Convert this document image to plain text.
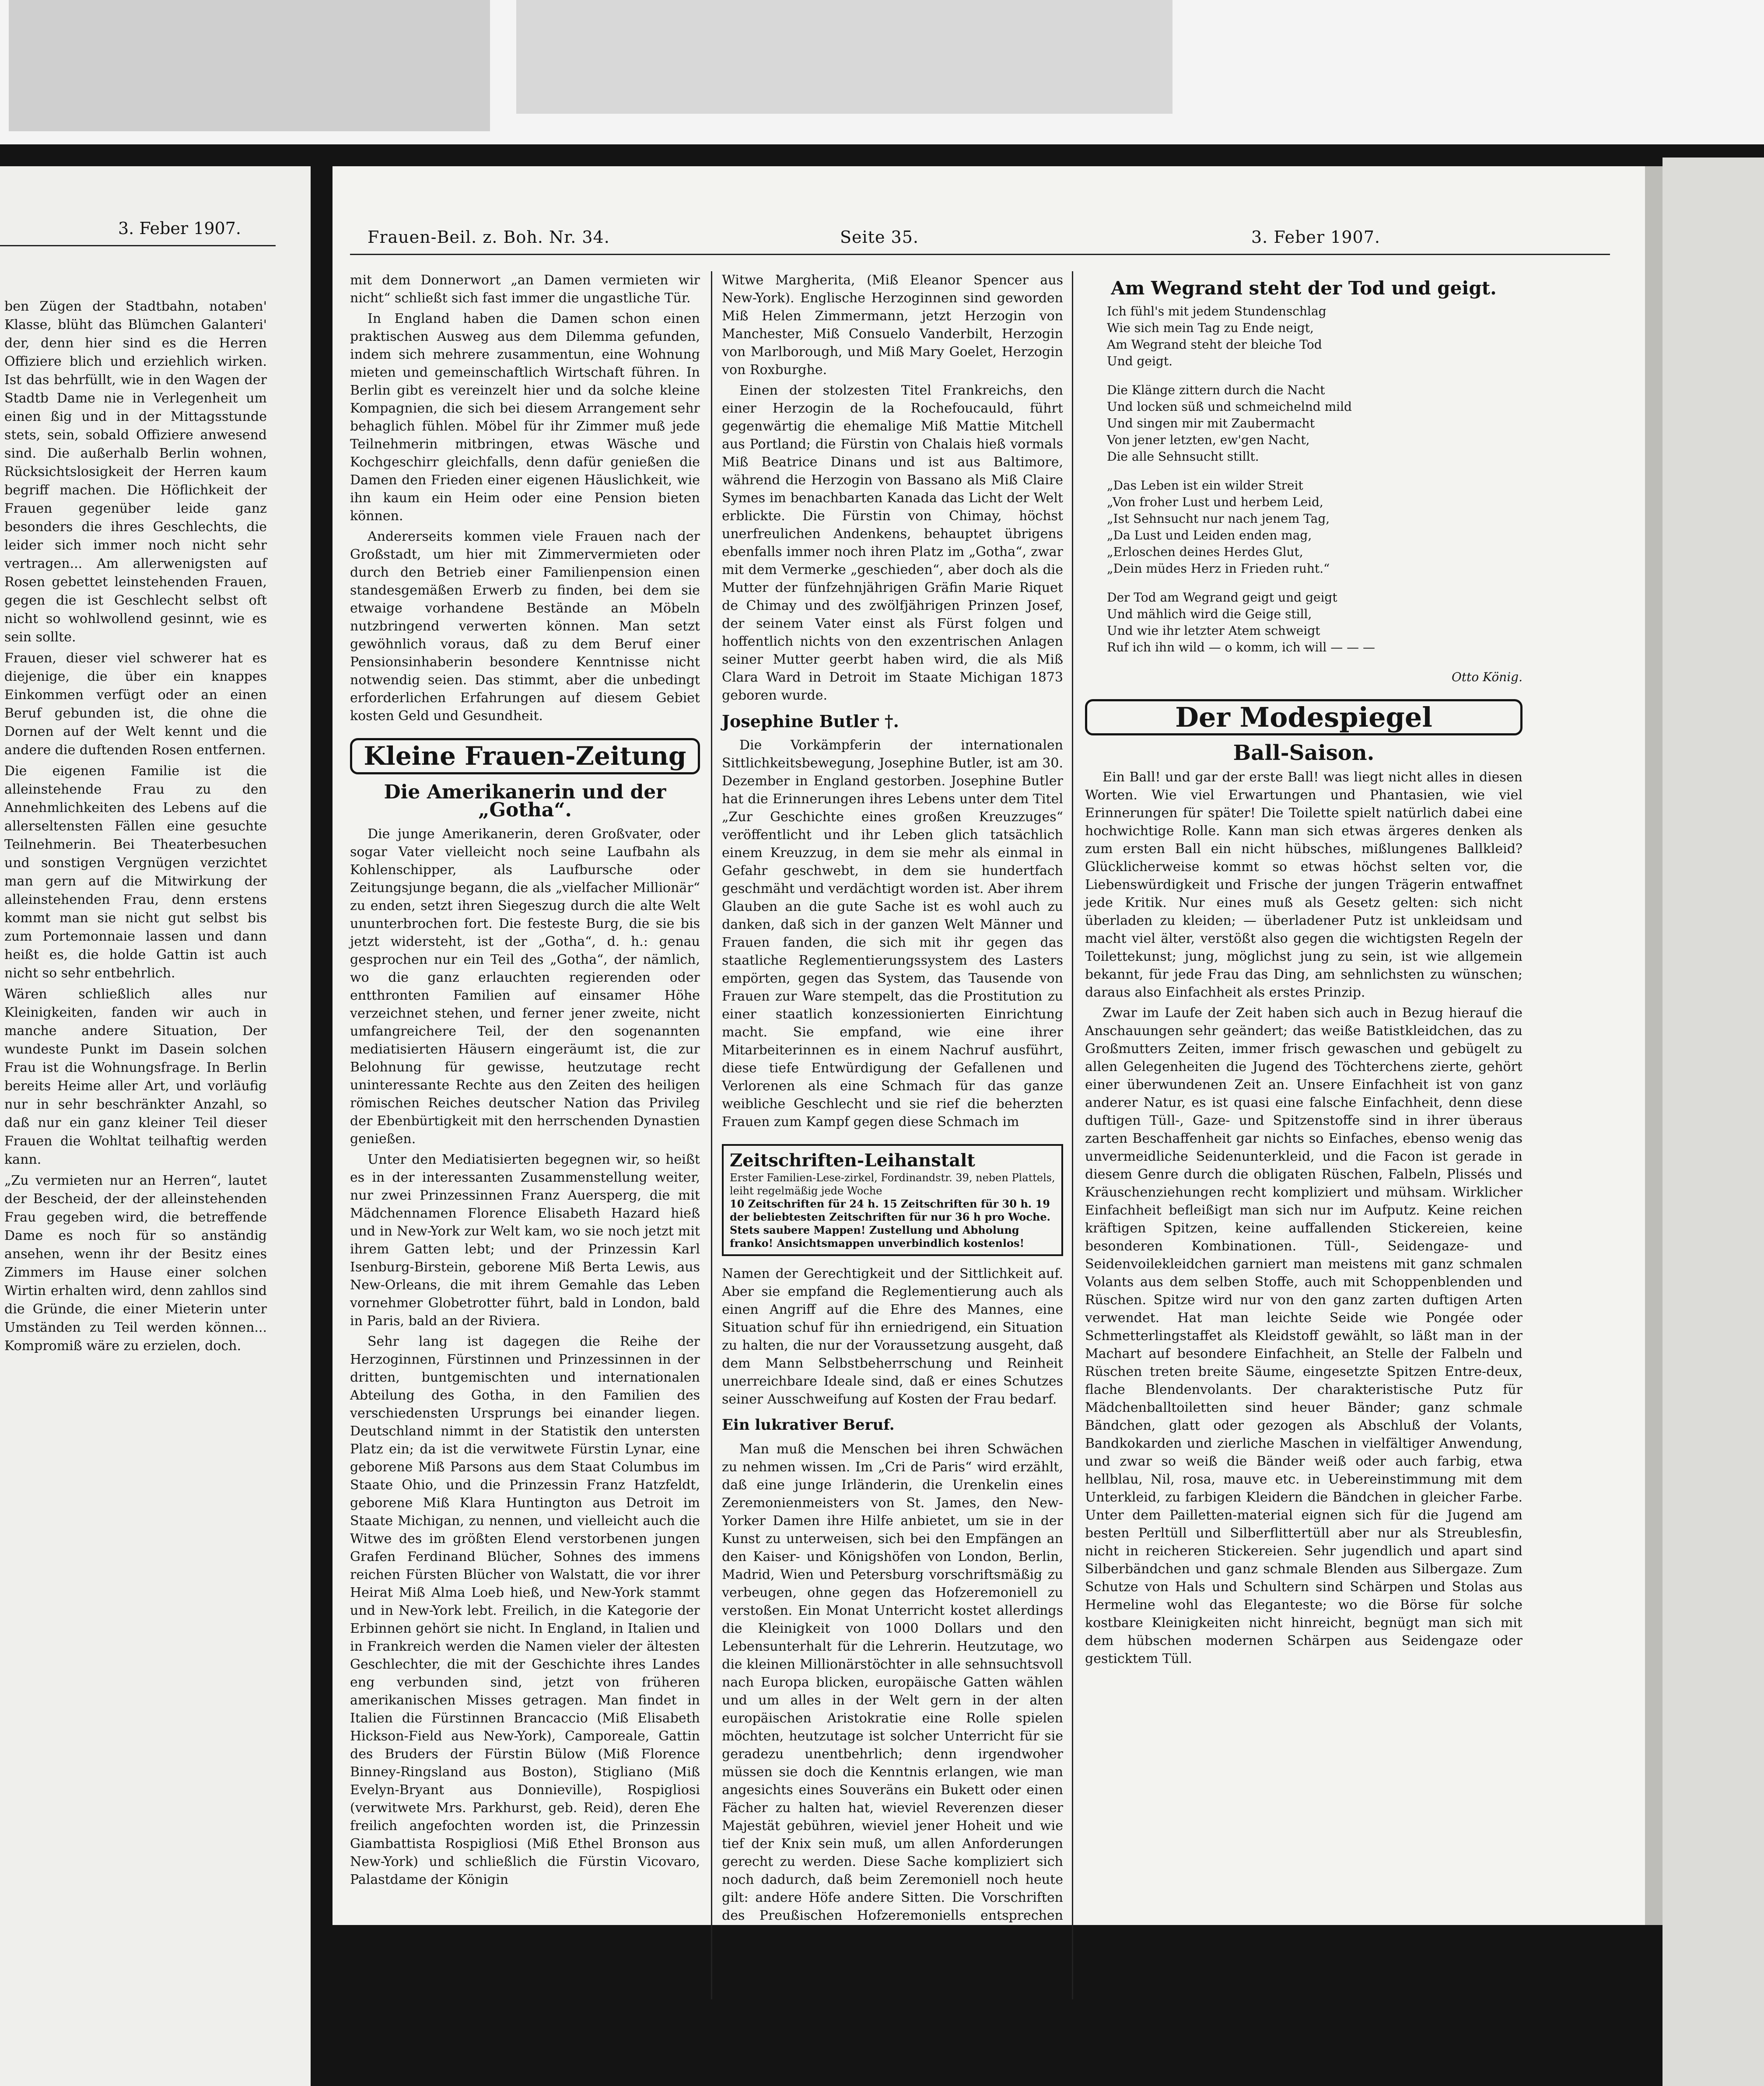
3. Feber 1907.

ben Zügen der Stadtbahn, notaben' Klasse, blüht das Blümchen Galanteri' der, denn hier sind es die Herren Offiziere blich und erziehlich wirken. Ist das behrfüllt, wie in den Wagen der Stadtb Dame nie in Verlegenheit um einen ßig und in der Mittagsstunde stets, sein, sobald Offiziere anwesend sind. Die außerhalb Berlin wohnen, Rücksichtslosigkeit der Herren kaum begriff machen. Die Höflichkeit der Frauen gegenüber leide ganz besonders die ihres Geschlechts, die leider sich immer noch nicht sehr vertragen... Am allerwenigsten auf Rosen gebettet leinstehenden Frauen, gegen die ist Geschlecht selbst oft nicht so wohlwollend gesinnt, wie es sein sollte.

Frauen, dieser viel schwerer hat es diejenige, die über ein knappes Einkommen verfügt oder an einen Beruf gebunden ist, die ohne die Dornen auf der Welt kennt und die andere die duftenden Rosen entfernen.

Die eigenen Familie ist die alleinstehende Frau zu den Annehmlichkeiten des Lebens auf die allerseltensten Fällen eine gesuchte Teilnehmerin. Bei Theaterbesuchen und sonstigen Vergnügen verzichtet man gern auf die Mitwirkung der alleinstehenden Frau, denn erstens kommt man sie nicht gut selbst bis zum Portemonnaie lassen und dann heißt es, die holde Gattin ist auch nicht so sehr entbehrlich.

Wären schließlich alles nur Kleinigkeiten, fanden wir auch in manche andere Situation, Der wundeste Punkt im Dasein solchen Frau ist die Wohnungsfrage. In Berlin bereits Heime aller Art, und vorläufig nur in sehr beschränkter Anzahl, so daß nur ein ganz kleiner Teil dieser Frauen die Wohltat teilhaftig werden kann.

„Zu vermieten nur an Herren“, lautet der Bescheid, der der alleinstehenden Frau gegeben wird, die betreffende Dame es noch für so anständig ansehen, wenn ihr der Besitz eines Zimmers im Hause einer solchen Wirtin erhalten wird, denn zahllos sind die Gründe, die einer Mieterin unter Umständen zu Teil werden können... Kompromiß wäre zu erzielen, doch.

Frauen-Beil. z. Boh. Nr. 34.	Seite 35.	3. Feber 1907.

mit dem Donnerwort „an Damen vermieten wir nicht“ schließt sich fast immer die ungastliche Tür.

In England haben die Damen schon einen praktischen Ausweg aus dem Dilemma gefunden, indem sich mehrere zusammentun, eine Wohnung mieten und gemeinschaftlich Wirtschaft führen. In Berlin gibt es vereinzelt hier und da solche kleine Kompagnien, die sich bei diesem Arrangement sehr behaglich fühlen. Möbel für ihr Zimmer muß jede Teilnehmerin mitbringen, etwas Wäsche und Kochgeschirr gleichfalls, denn dafür genießen die Damen den Frieden einer eigenen Häuslichkeit, wie ihn kaum ein Heim oder eine Pension bieten können.

Andererseits kommen viele Frauen nach der Großstadt, um hier mit Zimmervermieten oder durch den Betrieb einer Familienpension einen standesgemäßen Erwerb zu finden, bei dem sie etwaige vorhandene Bestände an Möbeln nutzbringend verwerten können. Man setzt gewöhnlich voraus, daß zu dem Beruf einer Pensionsinhaberin besondere Kenntnisse nicht notwendig seien. Das stimmt, aber die unbedingt erforderlichen Erfahrungen auf diesem Gebiet kosten Geld und Gesundheit.

Kleine Frauen-Zeitung
Die Amerikanerin und der „Gotha“.

Die junge Amerikanerin, deren Großvater, oder sogar Vater vielleicht noch seine Laufbahn als Kohlenschipper, als Laufbursche oder Zeitungsjunge begann, die als „vielfacher Millionär“ zu enden, setzt ihren Siegeszug durch die alte Welt ununterbrochen fort. Die festeste Burg, die sie bis jetzt widersteht, ist der „Gotha“, d. h.: genau gesprochen nur ein Teil des „Gotha“, der nämlich, wo die ganz erlauchten regierenden oder entthronten Familien auf einsamer Höhe verzeichnet stehen, und ferner jener zweite, nicht umfangreichere Teil, der den sogenannten mediatisierten Häusern eingeräumt ist, die zur Belohnung für gewisse, heutzutage recht uninteressante Rechte aus den Zeiten des heiligen römischen Reiches deutscher Nation das Privileg der Ebenbürtigkeit mit den herrschenden Dynastien genießen.

Unter den Mediatisierten begegnen wir, so heißt es in der interessanten Zusammenstellung weiter, nur zwei Prinzessinnen Franz Auersperg, die mit Mädchennamen Florence Elisabeth Hazard hieß und in New-York zur Welt kam, wo sie noch jetzt mit ihrem Gatten lebt; und der Prinzessin Karl Isenburg-Birstein, geborene Miß Berta Lewis, aus New-Orleans, die mit ihrem Gemahle das Leben vornehmer Globetrotter führt, bald in London, bald in Paris, bald an der Riviera.

Sehr lang ist dagegen die Reihe der Herzoginnen, Fürstinnen und Prinzessinnen in der dritten, buntgemischten und internationalen Abteilung des Gotha, in den Familien des verschiedensten Ursprungs bei einander liegen. Deutschland nimmt in der Statistik den untersten Platz ein; da ist die verwitwete Fürstin Lynar, eine geborene Miß Parsons aus dem Staat Columbus im Staate Ohio, und die Prinzessin Franz Hatzfeldt, geborene Miß Klara Huntington aus Detroit im Staate Michigan, zu nennen, und vielleicht auch die Witwe des im größten Elend verstorbenen jungen Grafen Ferdinand Blücher, Sohnes des immens reichen Fürsten Blücher von Walstatt, die vor ihrer Heirat Miß Alma Loeb hieß, und New-York stammt und in New-York lebt. Freilich, in die Kategorie der Erbinnen gehört sie nicht. In England, in Italien und in Frankreich werden die Namen vieler der ältesten Geschlechter, die mit der Geschichte ihres Landes eng verbunden sind, jetzt von früheren amerikanischen Misses getragen. Man findet in Italien die Fürstinnen Brancaccio (Miß Elisabeth Hickson-Field aus New-York), Camporeale, Gattin des Bruders der Fürstin Bülow (Miß Florence Binney-Ringsland aus Boston), Stigliano (Miß Evelyn-Bryant aus Donnieville), Rospigliosi (verwitwete Mrs. Parkhurst, geb. Reid), deren Ehe freilich angefochten worden ist, die Prinzessin Giambattista Rospigliosi (Miß Ethel Bronson aus New-York) und schließlich die Fürstin Vicovaro, Palastdame der Königin

Witwe Margherita, (Miß Eleanor Spencer aus New-York). Englische Herzoginnen sind geworden Miß Helen Zimmermann, jetzt Herzogin von Manchester, Miß Consuelo Vanderbilt, Herzogin von Marlborough, und Miß Mary Goelet, Herzogin von Roxburghe.

Einen der stolzesten Titel Frankreichs, den einer Herzogin de la Rochefoucauld, führt gegenwärtig die ehemalige Miß Mattie Mitchell aus Portland; die Fürstin von Chalais hieß vormals Miß Beatrice Dinans und ist aus Baltimore, während die Herzogin von Bassano als Miß Claire Symes im benachbarten Kanada das Licht der Welt erblickte. Die Fürstin von Chimay, höchst unerfreulichen Andenkens, behauptet übrigens ebenfalls immer noch ihren Platz im „Gotha“, zwar mit dem Vermerke „geschieden“, aber doch als die Mutter der fünfzehnjährigen Gräfin Marie Riquet de Chimay und des zwölfjährigen Prinzen Josef, der seinem Vater einst als Fürst folgen und hoffentlich nichts von den exzentrischen Anlagen seiner Mutter geerbt haben wird, die als Miß Clara Ward in Detroit im Staate Michigan 1873 geboren wurde.

Josephine Butler †.

Die Vorkämpferin der internationalen Sittlichkeitsbewegung, Josephine Butler, ist am 30. Dezember in England gestorben. Josephine Butler hat die Erinnerungen ihres Lebens unter dem Titel „Zur Geschichte eines großen Kreuzzuges“ veröffentlicht und ihr Leben glich tatsächlich einem Kreuzzug, in dem sie mehr als einmal in Gefahr geschwebt, in dem sie hundertfach geschmäht und verdächtigt worden ist. Aber ihrem Glauben an die gute Sache ist es wohl auch zu danken, daß sich in der ganzen Welt Männer und Frauen fanden, die sich mit ihr gegen das staatliche Reglementierungssystem des Lasters empörten, gegen das System, das Tausende von Frauen zur Ware stempelt, das die Prostitution zu einer staatlich konzessionierten Einrichtung macht. Sie empfand, wie eine ihrer Mitarbeiterinnen es in einem Nachruf ausführt, diese tiefe Entwürdigung der Gefallenen und Verlorenen als eine Schmach für das ganze weibliche Geschlecht und sie rief die beherzten Frauen zum Kampf gegen diese Schmach im

Zeitschriften-Leihanstalt
Erster Familien-Lese-zirkel, Fordinandstr. 39, neben Plattels, leiht regelmäßig jede Woche
10 Zeitschriften für 24 h. 15 Zeitschriften für 30 h. 19 der beliebtesten Zeitschriften für nur 36 h pro Woche. Stets saubere Mappen! Zustellung und Abholung franko! Ansichtsmappen unverbindlich kostenlos!

Namen der Gerechtigkeit und der Sittlichkeit auf. Aber sie empfand die Reglementierung auch als einen Angriff auf die Ehre des Mannes, eine Situation schuf für ihn erniedrigend, ein Situation zu halten, die nur der Voraussetzung ausgeht, daß dem Mann Selbstbeherrschung und Reinheit unerreichbare Ideale sind, daß er eines Schutzes seiner Ausschweifung auf Kosten der Frau bedarf.

Ein lukrativer Beruf.

Man muß die Menschen bei ihren Schwächen zu nehmen wissen. Im „Cri de Paris“ wird erzählt, daß eine junge Irländerin, die Urenkelin eines Zeremonienmeisters von St. James, den New-Yorker Damen ihre Hilfe anbietet, um sie in der Kunst zu unterweisen, sich bei den Empfängen an den Kaiser- und Königshöfen von London, Berlin, Madrid, Wien und Petersburg vorschriftsmäßig zu verbeugen, ohne gegen das Hofzeremoniell zu verstoßen. Ein Monat Unterricht kostet allerdings die Kleinigkeit von 1000 Dollars und den Lebensunterhalt für die Lehrerin. Heutzutage, wo die kleinen Millionärstöchter in alle sehnsuchtsvoll nach Europa blicken, europäische Gatten wählen und um alles in der Welt gern in der alten europäischen Aristokratie eine Rolle spielen möchten, heutzutage ist solcher Unterricht für sie geradezu unentbehrlich; denn irgendwoher müssen sie doch die Kenntnis erlangen, wie man angesichts eines Souveräns ein Bukett oder einen Fächer zu halten hat, wieviel Reverenzen dieser Majestät gebühren, wieviel jener Hoheit und wie tief der Knix sein muß, um allen Anforderungen gerecht zu werden. Diese Sache kompliziert sich noch dadurch, daß beim Zeremoniell noch heute gilt: andere Höfe andere Sitten. Die Vorschriften des Preußischen Hofzeremoniells entsprechen nicht den rumänischen Hofgesetzen, die holländischen nicht den russischen und diese wiederum nicht den österreichischen. Eine ganze Wissenschaft harrt hier der Schülerin; aber welche Erbin aus Uncle Sams Land wird heute davor zurückschrecken?

⁓⁓⁓⁓⁓
Am Wegrand steht der Tod und geigt.
Ich fühl's mit jedem Stundenschlag
Wie sich mein Tag zu Ende neigt,
Am Wegrand steht der bleiche Tod
Und geigt.
Die Klänge zittern durch die Nacht
Und locken süß und schmeichelnd mild
Und singen mir mit Zaubermacht
Von jener letzten, ew'gen Nacht,
Die alle Sehnsucht stillt.
„Das Leben ist ein wilder Streit
„Von froher Lust und herbem Leid,
„Ist Sehnsucht nur nach jenem Tag,
„Da Lust und Leiden enden mag,
„Erloschen deines Herdes Glut,
„Dein müdes Herz in Frieden ruht.“
Der Tod am Wegrand geigt und geigt
Und mählich wird die Geige still,
Und wie ihr letzter Atem schweigt
Ruf ich ihn wild — o komm, ich will — — —
Otto König.
Der Modespiegel
Ball-Saison.

Ein Ball! und gar der erste Ball! was liegt nicht alles in diesen Worten. Wie viel Erwartungen und Phantasien, wie viel Erinnerungen für später! Die Toilette spielt natürlich dabei eine hochwichtige Rolle. Kann man sich etwas ärgeres denken als zum ersten Ball ein nicht hübsches, mißlungenes Ballkleid? Glücklicherweise kommt so etwas höchst selten vor, die Liebenswürdigkeit und Frische der jungen Trägerin entwaffnet jede Kritik. Nur eines muß als Gesetz gelten: sich nicht überladen zu kleiden; — überladener Putz ist unkleidsam und macht viel älter, verstößt also gegen die wichtigsten Regeln der Toilettekunst; jung, möglichst jung zu sein, ist wie allgemein bekannt, für jede Frau das Ding, am sehnlichsten zu wünschen; daraus also Einfachheit als erstes Prinzip.

Zwar im Laufe der Zeit haben sich auch in Bezug hierauf die Anschauungen sehr geändert; das weiße Batistkleidchen, das zu Großmutters Zeiten, immer frisch gewaschen und gebügelt zu allen Gelegenheiten die Jugend des Töchterchens zierte, gehört einer überwundenen Zeit an. Unsere Einfachheit ist von ganz anderer Natur, es ist quasi eine falsche Einfachheit, denn diese duftigen Tüll-, Gaze- und Spitzenstoffe sind in ihrer überaus zarten Beschaffenheit gar nichts so Einfaches, ebenso wenig das unvermeidliche Seidenunterkleid, und die Facon ist gerade in diesem Genre durch die obligaten Rüschen, Falbeln, Plissés und Kräuschenziehungen recht kompliziert und mühsam. Wirklicher Einfachheit befleißigt man sich nur im Aufputz. Keine reichen kräftigen Spitzen, keine auffallenden Stickereien, keine besonderen Kombinationen. Tüll-, Seidengaze- und Seidenvoilekleidchen garniert man meistens mit ganz schmalen Volants aus dem selben Stoffe, auch mit Schoppenblenden und Rüschen. Spitze wird nur von den ganz zarten duftigen Arten verwendet. Hat man leichte Seide wie Pongée oder Schmetterlingstaffet als Kleidstoff gewählt, so läßt man in der Machart auf besondere Einfachheit, an Stelle der Falbeln und Rüschen treten breite Säume, eingesetzte Spitzen Entre-deux, flache Blendenvolants. Der charakteristische Putz für Mädchenballtoiletten sind heuer Bänder; ganz schmale Bändchen, glatt oder gezogen als Abschluß der Volants, Bandkokarden und zierliche Maschen in vielfältiger Anwendung, und zwar so weiß die Bänder weiß oder auch farbig, etwa hellblau, Nil, rosa, mauve etc. in Uebereinstimmung mit dem Unterkleid, zu farbigen Kleidern die Bändchen in gleicher Farbe. Unter dem Pailletten-material eignen sich für die Jugend am besten Perltüll und Silberflittertüll aber nur als Streublesfin, nicht in reicheren Stickereien. Sehr jugendlich und apart sind Silberbändchen und ganz schmale Blenden aus Silbergaze. Zum Schutze von Hals und Schultern sind Schärpen und Stolas aus Hermeline wohl das Eleganteste; wo die Börse für solche kostbare Kleinigkeiten nicht hinreicht, begnügt man sich mit dem hübschen modernen Schärpen aus Seidengaze oder gesticktem Tüll.
